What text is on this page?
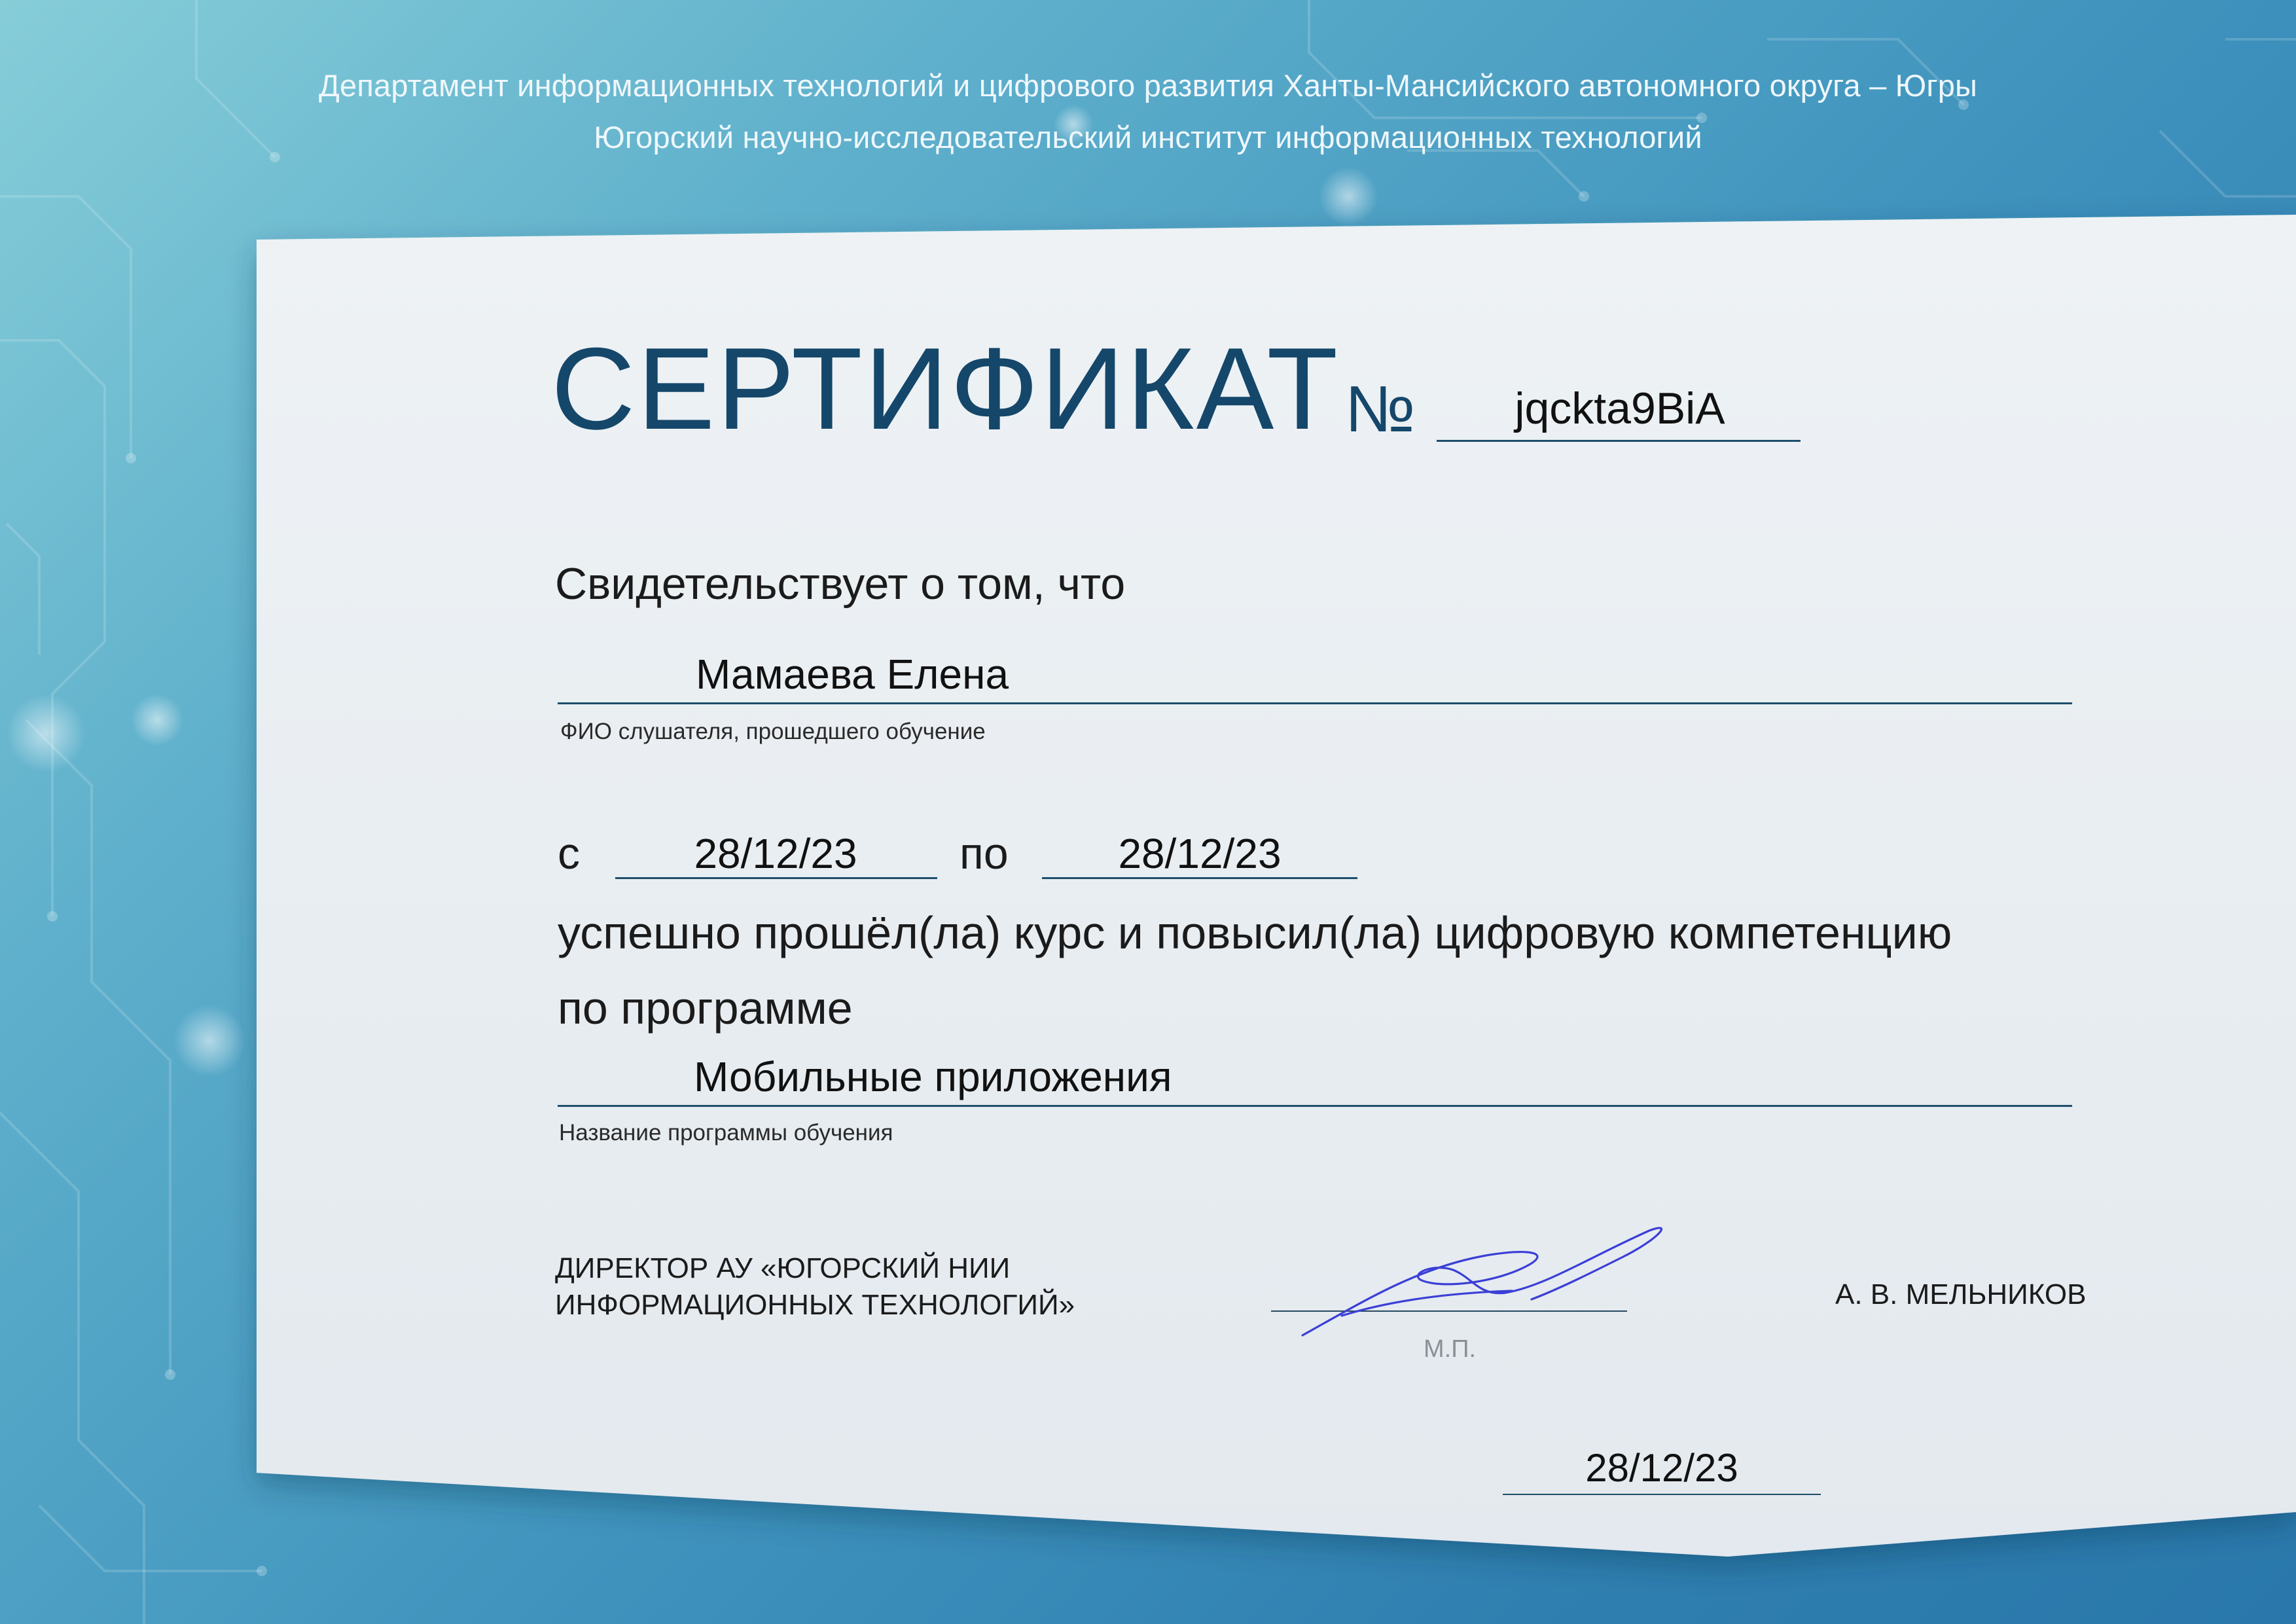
Департамент информационных технологий и цифрового развития Ханты-Мансийского автономного округа – Югры
Югорский научно-исследовательский институт информационных технологий
СЕРТИФИКАТ №	jqckta9BiA
Свидетельствует о том, что
Мамаева Елена
ФИО слушателя, прошедшего обучение
с	28/12/23	по	28/12/23
успешно прошёл(ла) курс и повысил(ла) цифровую компетенцию
по программе
Мобильные приложения
Название программы обучения
ДИРЕКТОР АУ «ЮГОРСКИЙ НИИ
ИНФОРМАЦИОННЫХ ТЕХНОЛОГИЙ»
М.П.
А. В. МЕЛЬНИКОВ
28/12/23
